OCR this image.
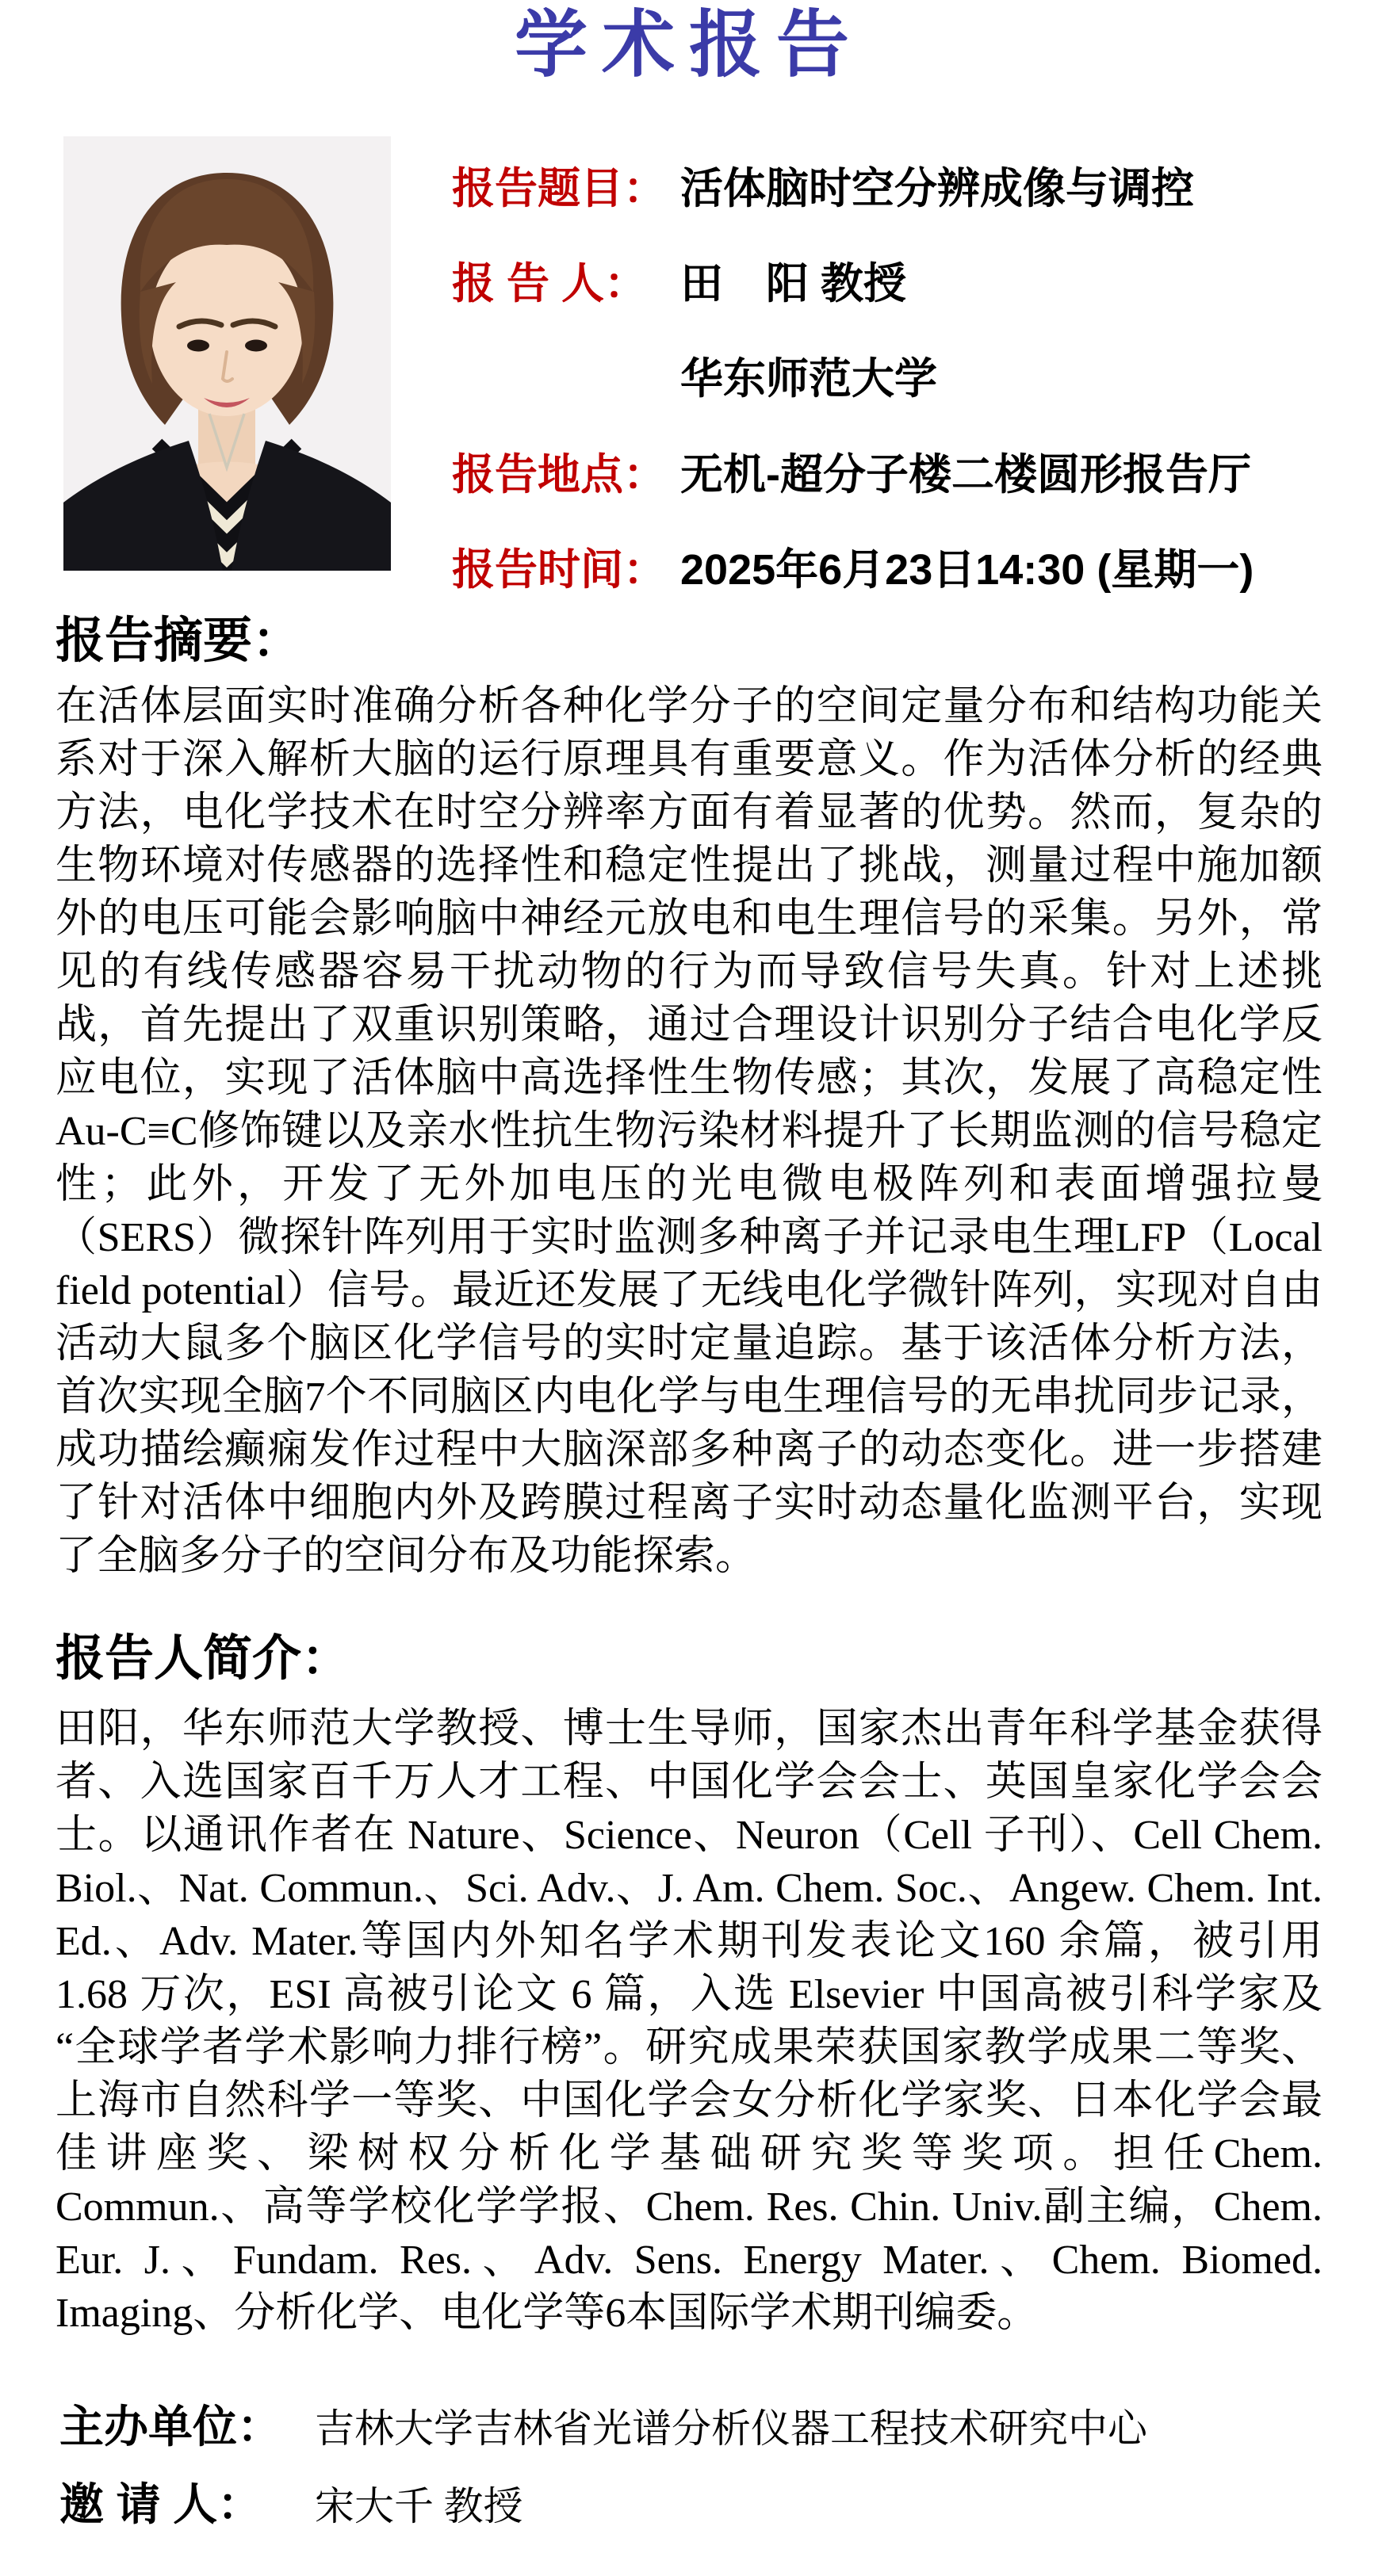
学术报告
报告题目： 活体脑时空分辨成像与调控
报 告 人： 田　阳 教授
华东师范大学
报告地点： 无机-超分子楼二楼圆形报告厅
报告时间： 2025年6月23日14:30 (星期一)
报告摘要：
在活体层面实时准确分析各种化学分子的空间定量分布和结构功能关系对于深入解析大脑的运行原理具有重要意义。作为活体分析的经典方法，电化学技术在时空分辨率方面有着显著的优势。然而，复杂的生物环境对传感器的选择性和稳定性提出了挑战，测量过程中施加额外的电压可能会影响脑中神经元放电和电生理信号的采集。另外，常见的有线传感器容易干扰动物的行为而导致信号失真。针对上述挑战，首先提出了双重识别策略，通过合理设计识别分子结合电化学反应电位，实现了活体脑中高选择性生物传感；其次，发展了高稳定性Au-C≡C修饰键以及亲水性抗生物污染材料提升了长期监测的信号稳定性；此外，开发了无外加电压的光电微电极阵列和表面增强拉曼（SERS）微探针阵列用于实时监测多种离子并记录电生理LFP（Local field potential）信号。最近还发展了无线电化学微针阵列，实现对自由活动大鼠多个脑区化学信号的实时定量追踪。基于该活体分析方法，首次实现全脑7个不同脑区内电化学与电生理信号的无串扰同步记录，成功描绘癫痫发作过程中大脑深部多种离子的动态变化。进一步搭建了针对活体中细胞内外及跨膜过程离子实时动态量化监测平台，实现了全脑多分子的空间分布及功能探索。
报告人简介：
田阳，华东师范大学教授、博士生导师，国家杰出青年科学基金获得者、入选国家百千万人才工程、中国化学会会士、英国皇家化学会会士。以通讯作者在 Nature、Science、Neuron（Cell 子刊）、Cell Chem. Biol.、Nat. Commun.、Sci. Adv.、J. Am. Chem. Soc.、Angew. Chem. Int. Ed.、Adv. Mater.等国内外知名学术期刊发表论文160 余篇，被引用 1.68 万次，ESI 高被引论文 6 篇，入选 Elsevier 中国高被引科学家及“全球学者学术影响力排行榜”。研究成果荣获国家教学成果二等奖、上海市自然科学一等奖、中国化学会女分析化学家奖、日本化学会最佳讲座奖、梁树权分析化学基础研究奖等奖项。担任Chem. Commun.、高等学校化学学报、Chem. Res. Chin. Univ.副主编，Chem. Eur. J.、Fundam. Res.、Adv. Sens. Energy Mater.、Chem. Biomed. Imaging、分析化学、电化学等6本国际学术期刊编委。
主办单位： 吉林大学吉林省光谱分析仪器工程技术研究中心
邀 请 人：	宋大千 教授
